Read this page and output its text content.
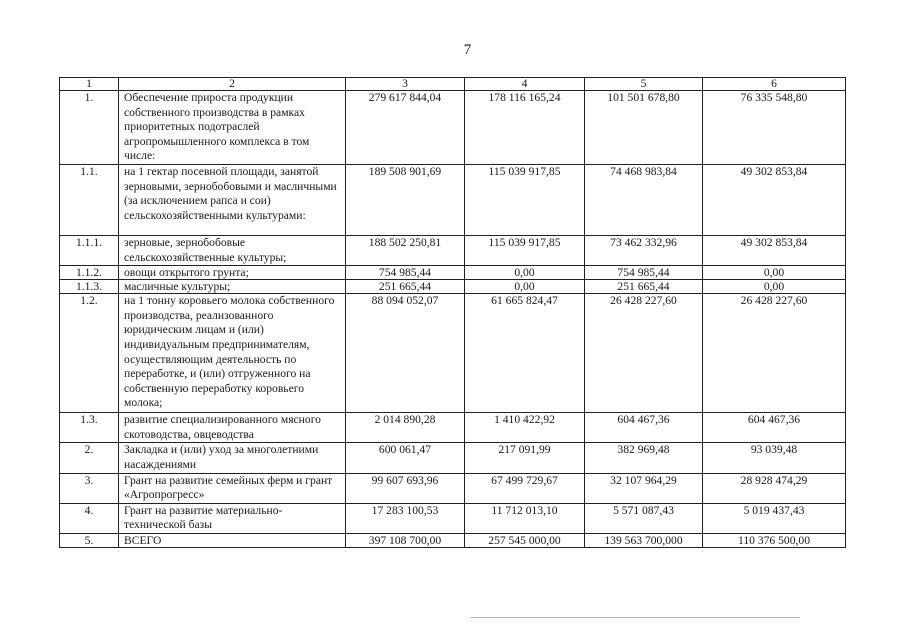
7
1	2	3	4	5	6
1.	Обеспечение прироста продукции собственного производства в рамках приоритетных подотраслей агропромышленного комплекса в том числе:	279 617 844,04	178 116 165,24	101 501 678,80	76 335 548,80
1.1.	на 1 гектар посевной площади, занятой зерновыми, зернобобовыми и масличными (за исключением рапса и сои) сельскохозяйственными культурами:	189 508 901,69	115 039 917,85	74 468 983,84	49 302 853,84
1.1.1.	зерновые, зернобобовые сельскохозяйственные культуры;	188 502 250,81	115 039 917,85	73 462 332,96	49 302 853,84
1.1.2.	овощи открытого грунта;	754 985,44	0,00	754 985,44	0,00
1.1.3.	масличные культуры;	251 665,44	0,00	251 665,44	0,00
1.2.	на 1 тонну коровьего молока собственного производства, реализованного юридическим лицам и (или) индивидуальным предпринимателям, осуществляющим деятельность по переработке, и (или) отгруженного на собственную переработку коровьего молока;	88 094 052,07	61 665 824,47	26 428 227,60	26 428 227,60
1.3.	развитие специализированного мясного скотоводства, овцеводства	2 014 890,28	1 410 422,92	604 467,36	604 467,36
2.	Закладка и (или) уход за многолетними насаждениями	600 061,47	217 091,99	382 969,48	93 039,48
3.	Грант на развитие семейных ферм и грант «Агропрогресс»	99 607 693,96	67 499 729,67	32 107 964,29	28 928 474,29
4.	Грант на развитие материально-технической базы	17 283 100,53	11 712 013,10	5 571 087,43	5 019 437,43
5.	ВСЕГО	397 108 700,00	257 545 000,00	139 563 700,000	110 376 500,00
